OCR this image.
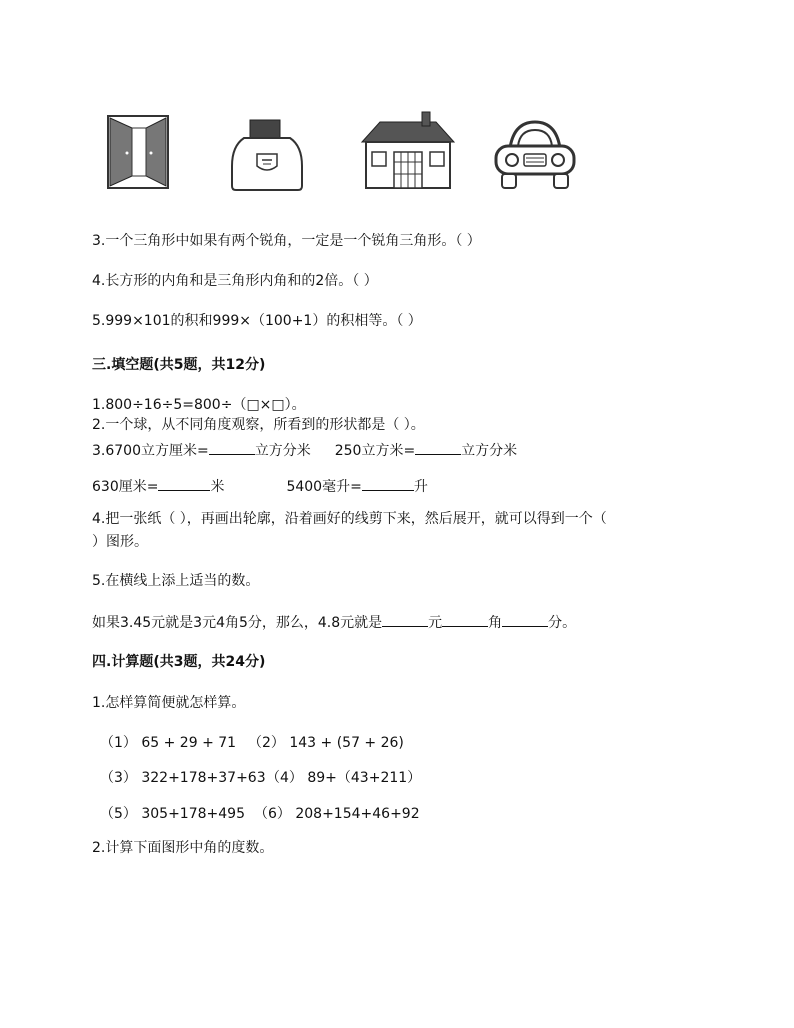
3.一个三角形中如果有两个锐角，一定是一个锐角三角形。（ ）
4.长方形的内角和是三角形内角和的2倍。（ ）
5.999×101的积和999×（100+1）的积相等。（ ）
三.填空题(共5题，共12分)
1.800÷16÷5=800÷（□×□）。
2.一个球，从不同角度观察，所看到的形状都是（ ）。
3.6700立方厘米=	立方分米 250立方米=	立方分米
630厘米=	米	5400毫升=	升
4.把一张纸（ ），再画出轮廓，沿着画好的线剪下来，然后展开，就可以得到一个（
）图形。
5.在横线上添上适当的数。
如果3.45元就是3元4角5分，那么，4.8元就是	元	角	分。
四.计算题(共3题，共24分)
1.怎样算简便就怎样算。
（1） 65 + 29 + 71 （2） 143 + (57 + 26)
（3） 322+178+37+63 （4） 89+（43+211）
（5） 305+178+495 （6） 208+154+46+92
2.计算下面图形中角的度数。
